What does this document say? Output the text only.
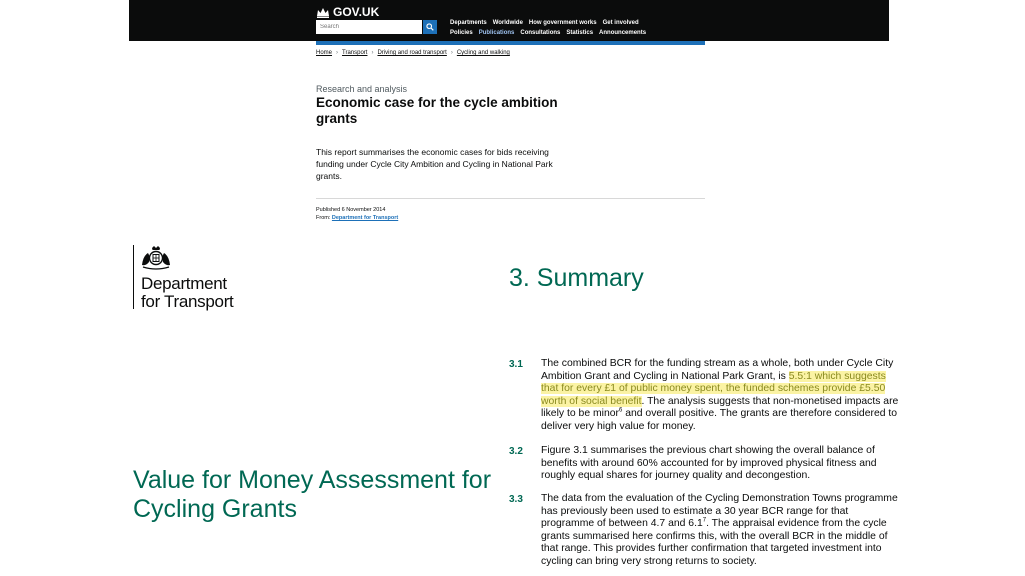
GOV.UK
Search
Departments Worldwide How government works Get involved
Policies Publications Consultations Statistics Announcements
Home › Transport › Driving and road transport › Cycling and walking
Research and analysis
Economic case for the cycle ambition grants

This report summarises the economic cases for bids receiving funding under Cycle City Ambition and Cycling in National Park grants.

Published 6 November 2014
From: Department for Transport
Department
for Transport
Value for Money Assessment for Cycling Grants
3. Summary
3.1 The combined BCR for the funding stream as a whole, both under Cycle City Ambition Grant and Cycling in National Park Grant, is 5.5:1 which suggests that for every £1 of public money spent, the funded schemes provide £5.50 worth of social benefit. The analysis suggests that non-monetised impacts are likely to be minor$^6$ and overall positive. The grants are therefore considered to deliver very high value for money.

3.2 Figure 3.1 summarises the previous chart showing the overall balance of benefits with around 60% accounted for by improved physical fitness and roughly equal shares for journey quality and decongestion.

3.3 The data from the evaluation of the Cycling Demonstration Towns programme has previously been used to estimate a 30 year BCR range for that programme of between 4.7 and $6.1^7$. The appraisal evidence from the cycle grants summarised here confirms this, with the overall BCR in the middle of that range. This provides further confirmation that targeted investment into cycling can bring very strong returns to society.
